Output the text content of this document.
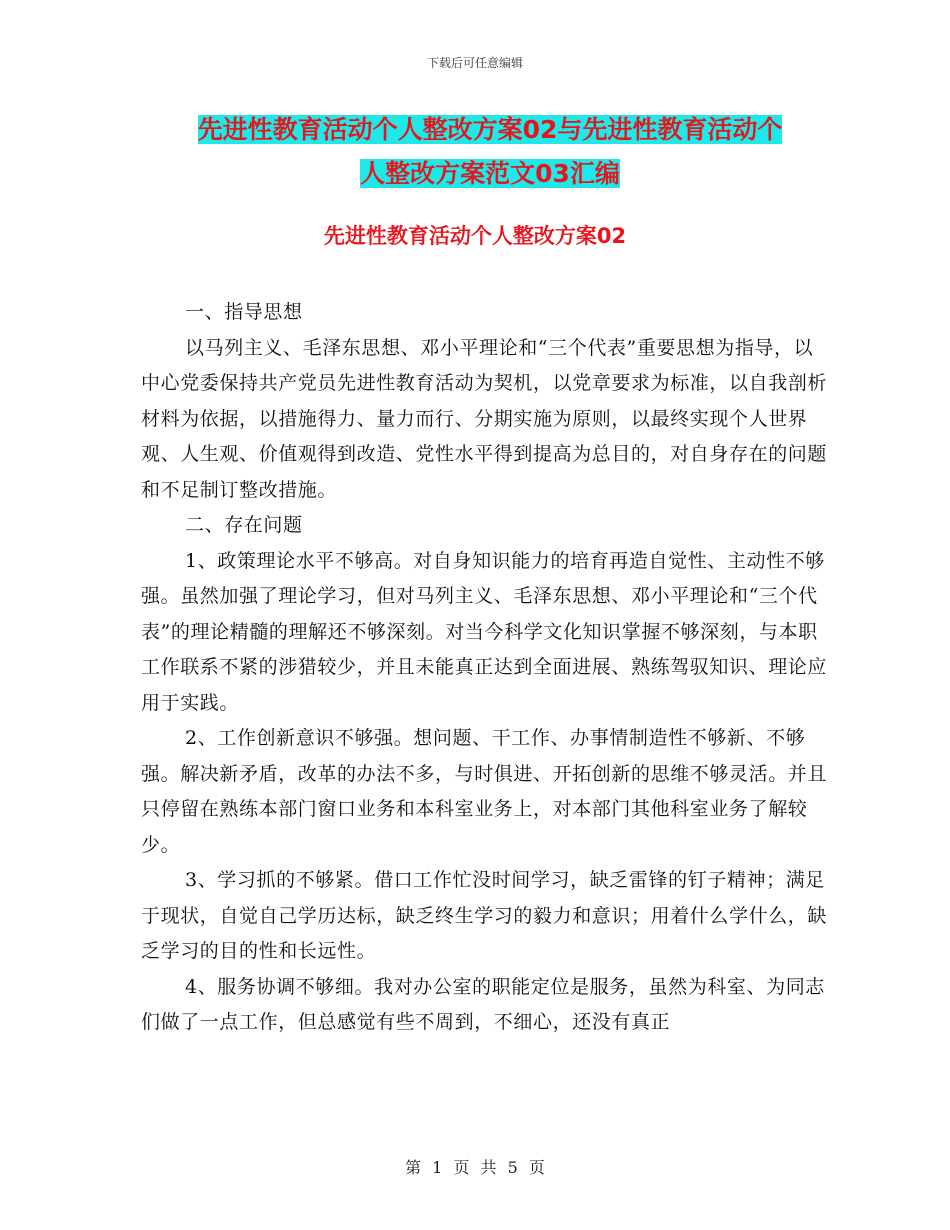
下载后可任意编辑
先进性教育活动个人整改方案02与先进性教育活动个
人整改方案范文03汇编
先进性教育活动个人整改方案02

一、指导思想

以马列主义、毛泽东思想、邓小平理论和“三个代表”重要思想为指导，以中心党委保持共产党员先进性教育活动为契机，以党章要求为标准，以自我剖析材料为依据，以措施得力、量力而行、分期实施为原则，以最终实现个人世界观、人生观、价值观得到改造、党性水平得到提高为总目的，对自身存在的问题和不足制订整改措施。

二、存在问题

1、政策理论水平不够高。对自身知识能力的培育再造自觉性、主动性不够强。虽然加强了理论学习，但对马列主义、毛泽东思想、邓小平理论和“三个代表”的理论精髓的理解还不够深刻。对当今科学文化知识掌握不够深刻，与本职工作联系不紧的涉猎较少，并且未能真正达到全面进展、熟练驾驭知识、理论应用于实践。

2、工作创新意识不够强。想问题、干工作、办事情制造性不够新、不够强。解决新矛盾，改革的办法不多，与时俱进、开拓创新的思维不够灵活。并且只停留在熟练本部门窗口业务和本科室业务上，对本部门其他科室业务了解较少。

3、学习抓的不够紧。借口工作忙没时间学习，缺乏雷锋的钉子精神；满足于现状，自觉自己学历达标，缺乏终生学习的毅力和意识；用着什么学什么，缺乏学习的目的性和长远性。

4、服务协调不够细。我对办公室的职能定位是服务，虽然为科室、为同志们做了一点工作，但总感觉有些不周到，不细心，还没有真正

第 1 页 共 5 页
